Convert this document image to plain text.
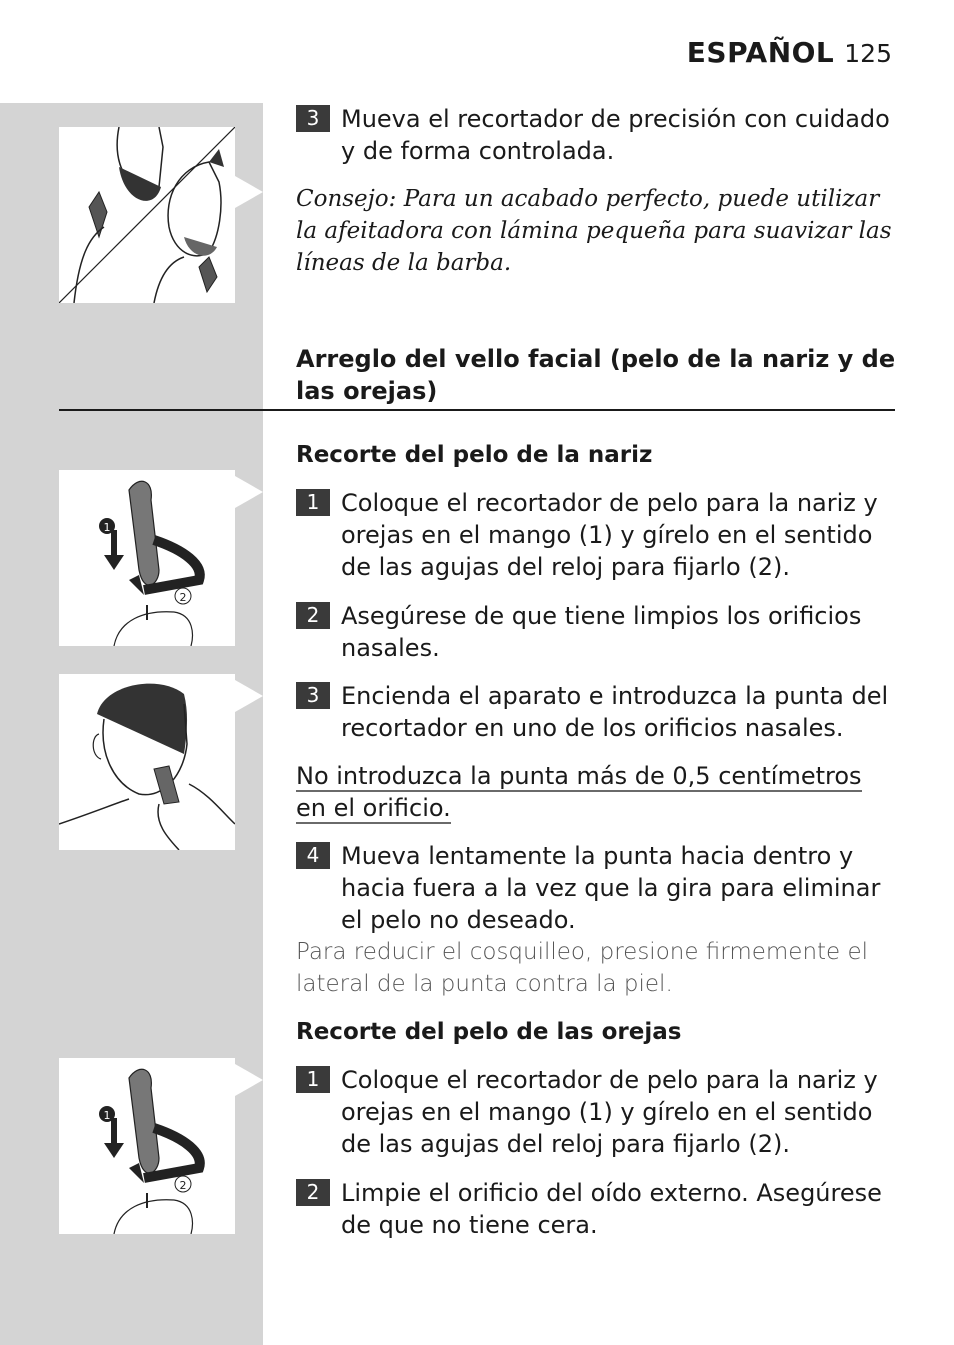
ESPAÑOL 125
3 Mueva el recortador de precisión con cuidado y de forma controlada.
Consejo: Para un acabado perfecto, puede utilizar la afeitadora con lámina pequeña para suavizar las líneas de la barba.
Arreglo del vello facial (pelo de la nariz y de las orejas)
Recorte del pelo de la nariz
1
2
1 Coloque el recortador de pelo para la nariz y orejas en el mango (1) y gírelo en el sentido de las agujas del reloj para fijarlo (2).
2 Asegúrese de que tiene limpios los orificios nasales.
3 Encienda el aparato e introduzca la punta del recortador en uno de los orificios nasales.
No introduzca la punta más de 0,5 centímetros en el orificio.
4 Mueva lentamente la punta hacia dentro y hacia fuera a la vez que la gira para eliminar el pelo no deseado.
Para reducir el cosquilleo, presione firmemente el lateral de la punta contra la piel.
Recorte del pelo de las orejas
1
2
1 Coloque el recortador de pelo para la nariz y orejas en el mango (1) y gírelo en el sentido de las agujas del reloj para fijarlo (2).
2 Limpie el orificio del oído externo. Asegúrese de que no tiene cera.
